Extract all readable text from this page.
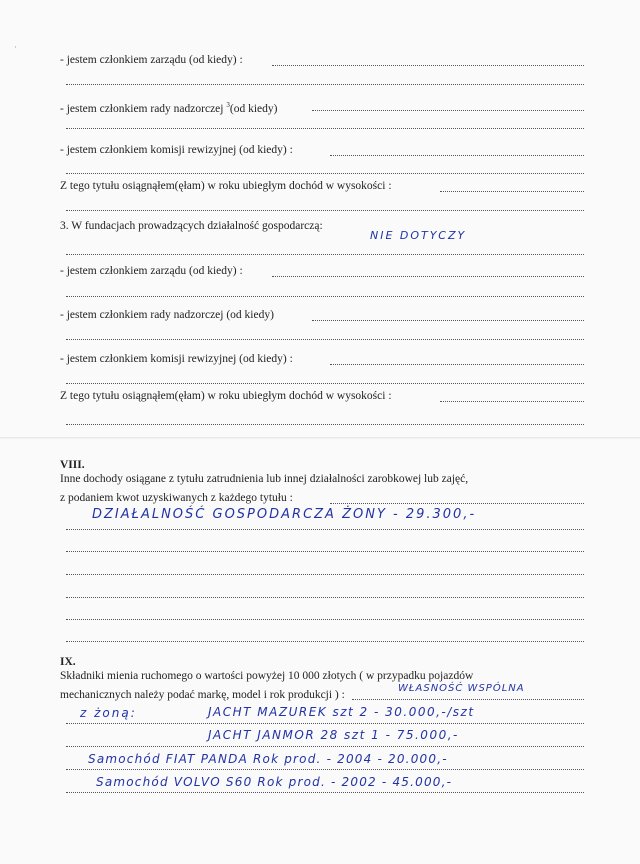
·
- jestem członkiem zarządu (od kiedy) :
- jestem członkiem rady nadzorczej $^3$(od kiedy)
- jestem członkiem komisji rewizyjnej (od kiedy) :
Z tego tytułu osiągnąłem(ęłam) w roku ubiegłym dochód w wysokości :
3. W fundacjach prowadzących działalność gospodarczą:
NIE DOTYCZY
- jestem członkiem zarządu (od kiedy) :
- jestem członkiem rady nadzorczej (od kiedy)
- jestem członkiem komisji rewizyjnej (od kiedy) :
Z tego tytułu osiągnąłem(ęłam) w roku ubiegłym dochód w wysokości :
VIII.
Inne dochody osiągane z tytułu zatrudnienia lub innej działalności zarobkowej lub zajęć,
z podaniem kwot uzyskiwanych z każdego tytułu :
DZIAŁALNOŚĆ GOSPODARCZA ŻONY - 29.300,-
IX.
Składniki mienia ruchomego o wartości powyżej 10 000 złotych ( w przypadku pojazdów
mechanicznych należy podać markę, model i rok produkcji ) :
WŁASNOŚĆ WSPÓLNA
z żoną:	JACHT MAZUREK szt 2 - 30.000,-/szt
JACHT JANMOR 28 szt 1 - 75.000,-
Samochód FIAT PANDA Rok prod. - 2004 - 20.000,-
Samochód VOLVO S60 Rok prod. - 2002 - 45.000,-
